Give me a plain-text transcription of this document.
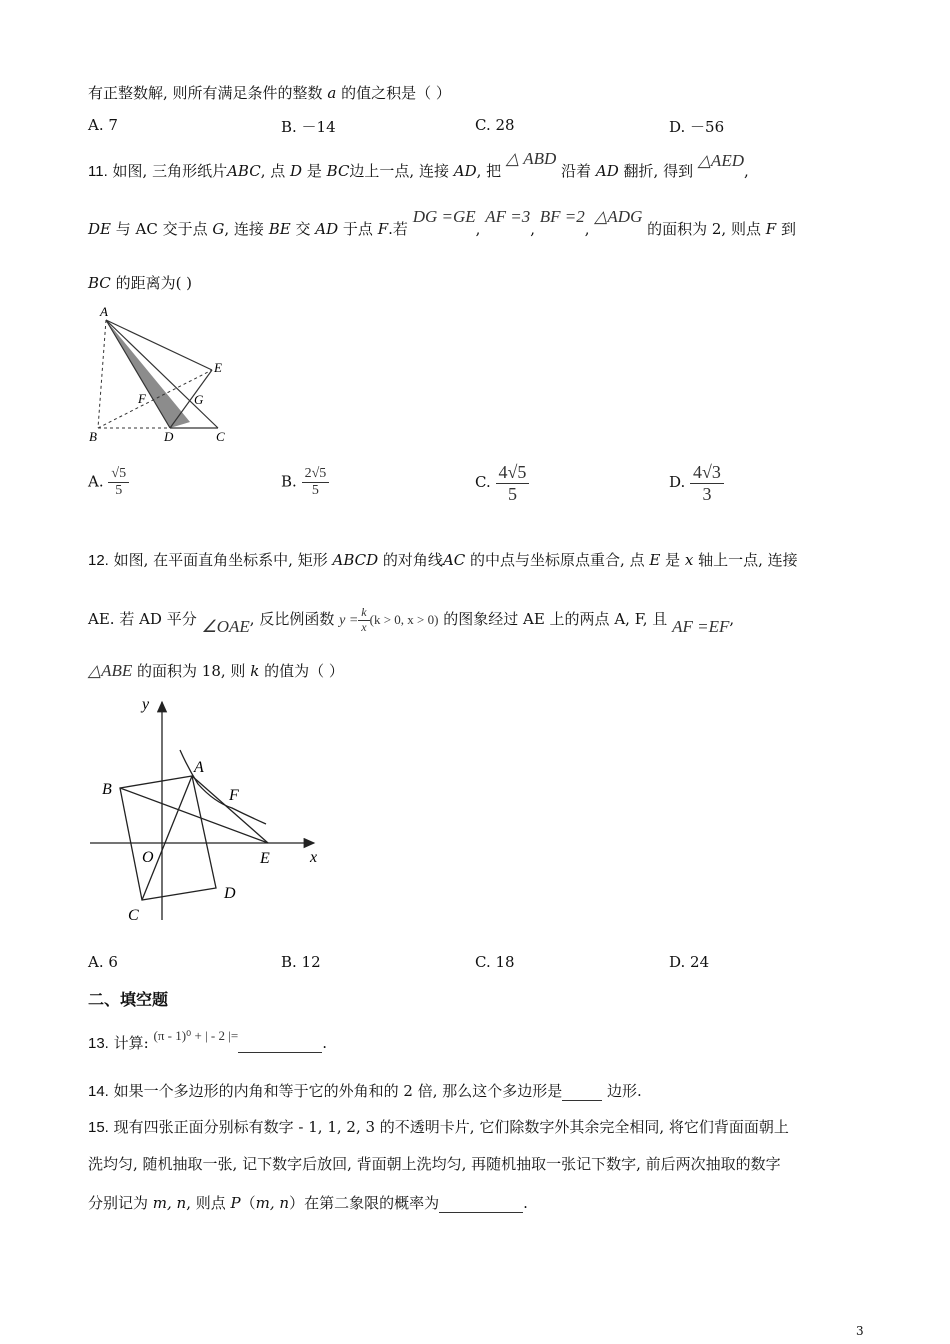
有正整数解, 则所有满足条件的整数 a 的值之积是（ ）
A. 7	B. －14	C. 28	D. －56
11. 如图, 三角形纸片ABC, 点 D 是 BC边上一点, 连接 AD, 把 △ ABD 沿着 AD 翻折, 得到 △AED,
DE 与 AC 交于点 G, 连接 BE 交 AD 于点 F.若 DG =GE, AF =3, BF =2, △ADG 的面积为 2, 则点 F 到
BC 的距离为( )
A
E
F	G
B	D	C
A. $\frac{√5}{5}$	B. $\frac{2√5}{5}$	C. $\frac{4√5}{5}$	D. $\frac{4√3}{3}$
12. 如图, 在平面直角坐标系中, 矩形 ABCD 的对角线AC 的中点与坐标原点重合, 点 E 是 x 轴上一点, 连接
AE. 若 AD 平分 ∠OAE, 反比例函数 $y = \frac{k}{x} (k > 0$, x > 0) 的图象经过 AE 上的两点 A, F, 且 AF =EF,
△ABE 的面积为 18, 则 k 的值为（ ）
y
A
B	F
O	E	x
D
C
A. 6	B. 12	C. 18	D. 24
二、填空题
13. 计算: (π - 1)⁰ + | - 2 |=	.
14. 如果一个多边形的内角和等于它的外角和的 2 倍, 那么这个多边形是	边形.
15. 现有四张正面分别标有数字 - 1, 1, 2, 3 的不透明卡片, 它们除数字外其余完全相同, 将它们背面面朝上
洗均匀, 随机抽取一张, 记下数字后放回, 背面朝上洗均匀, 再随机抽取一张记下数字, 前后两次抽取的数字
分别记为 m, n, 则点 P（m, n）在第二象限的概率为	.
3
